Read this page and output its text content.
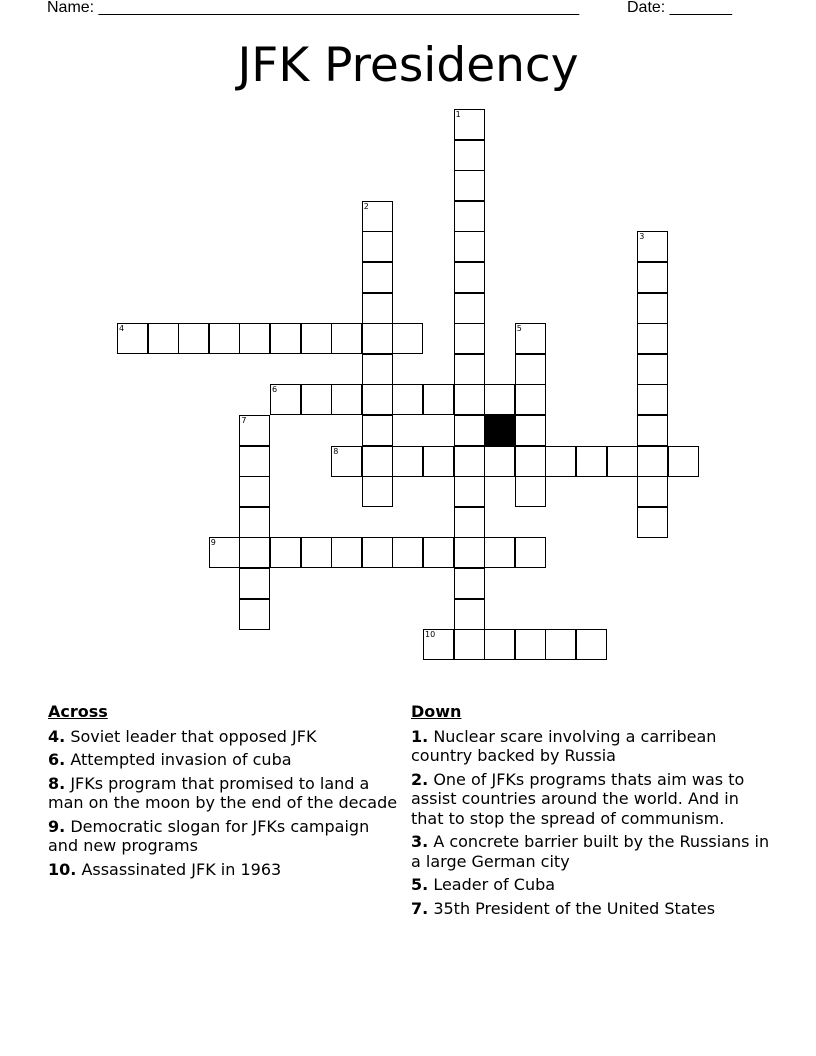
Name: ______________________________________________________	Date: _______
JFK Presidency
1
2
3
4	5
6
7
8
9
10
Across
4. Soviet leader that opposed JFK
6. Attempted invasion of cuba
8. JFKs program that promised to land a man on the moon by the end of the decade
9. Democratic slogan for JFKs campaign and new programs
10. Assassinated JFK in 1963
Down
1. Nuclear scare involving a carribean country backed by Russia
2. One of JFKs programs thats aim was to assist countries around the world. And in that to stop the spread of communism.
3. A concrete barrier built by the Russians in a large German city
5. Leader of Cuba
7. 35th President of the United States
